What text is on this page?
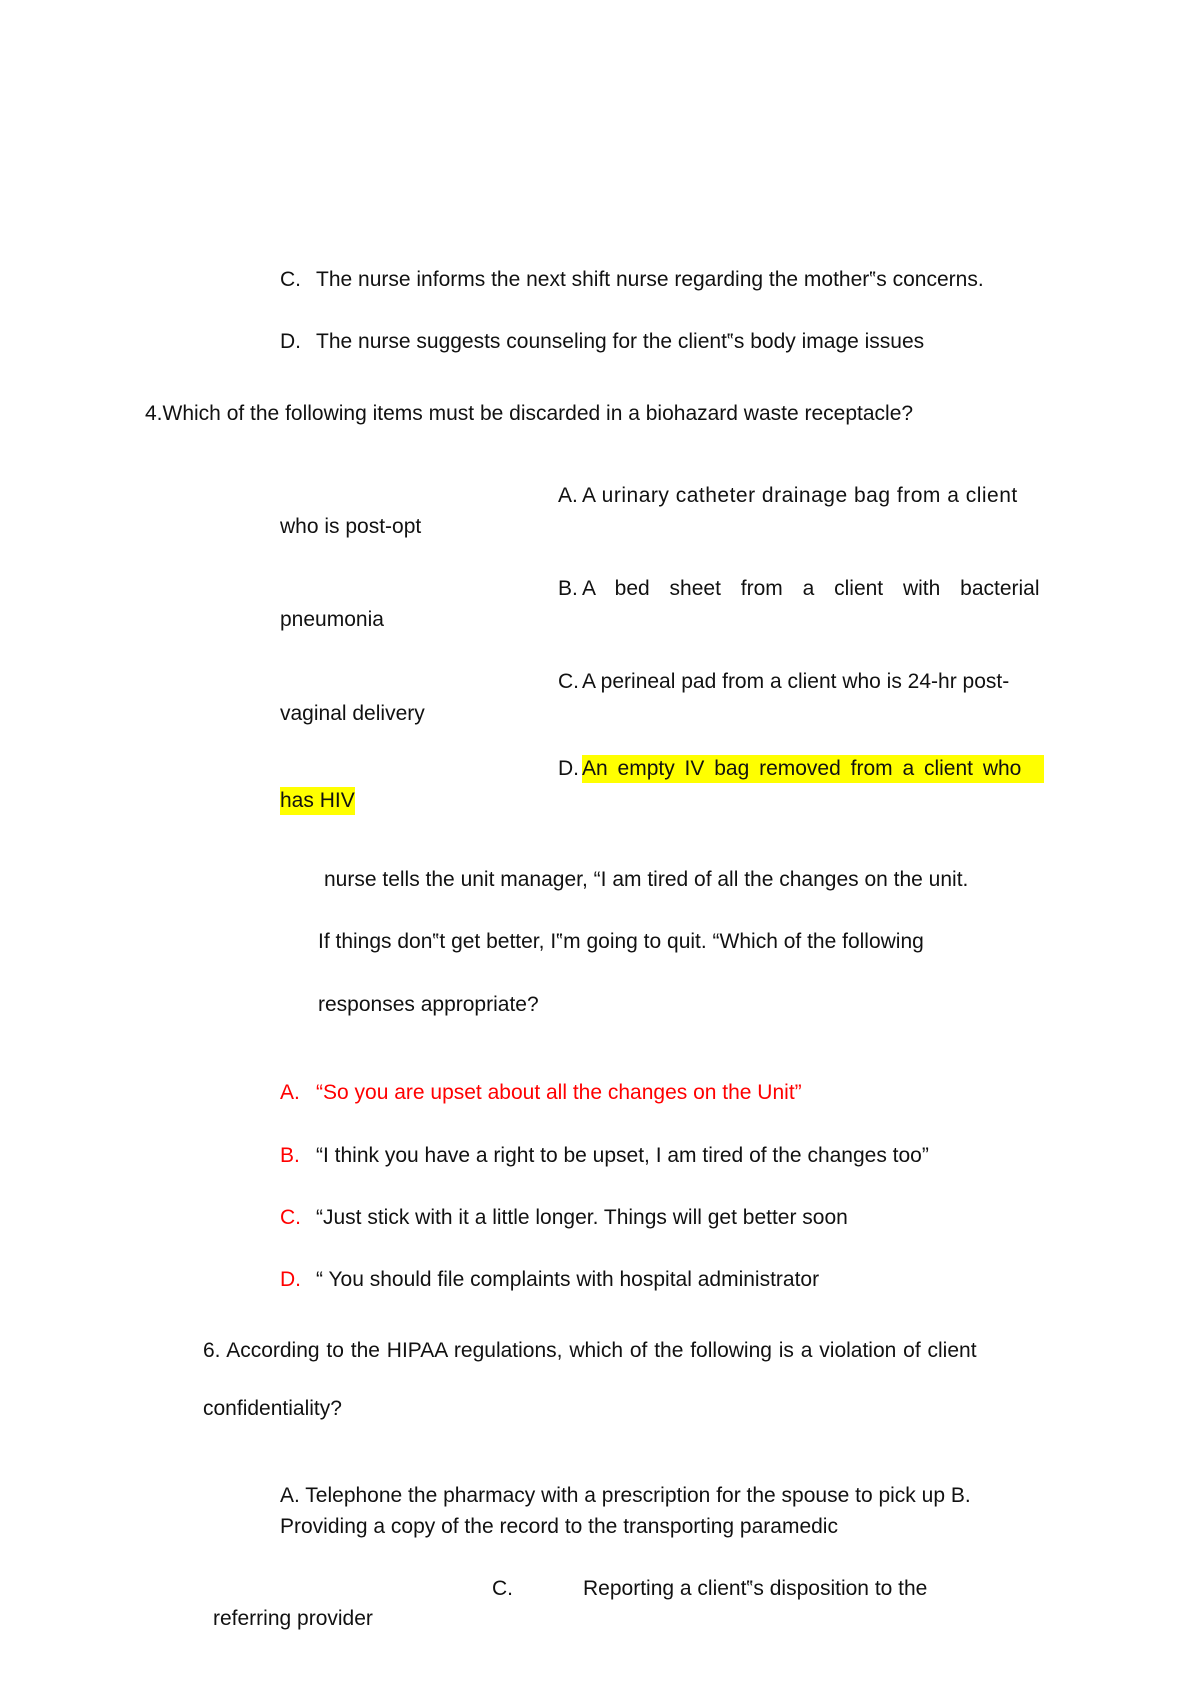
C. The nurse informs the next shift nurse regarding the mother‟s concerns.
D. The nurse suggests counseling for the client‟s body image issues
4.Which of the following items must be discarded in a biohazard waste receptacle?
A. A urinary catheter drainage bag from a client
who is post-opt
B. A bed sheet from a client with bacterial
pneumonia
C. A perineal pad from a client who is 24-hr post-
vaginal delivery
D. An empty IV bag removed from a client who
has HIV
nurse tells the unit manager, “I am tired of all the changes on the unit.
If things don‟t get better, I‟m going to quit. “Which of the following
responses appropriate?
A. “So you are upset about all the changes on the Unit”
B. “I think you have a right to be upset, I am tired of the changes too”
C. “Just stick with it a little longer. Things will get better soon
D. “ You should file complaints with hospital administrator
6. According to the HIPAA regulations, which of the following is a violation of client
confidentiality?
A. Telephone the pharmacy with a prescription for the spouse to pick up B.
Providing a copy of the record to the transporting paramedic
C.	Reporting a client‟s disposition to the
referring provider
